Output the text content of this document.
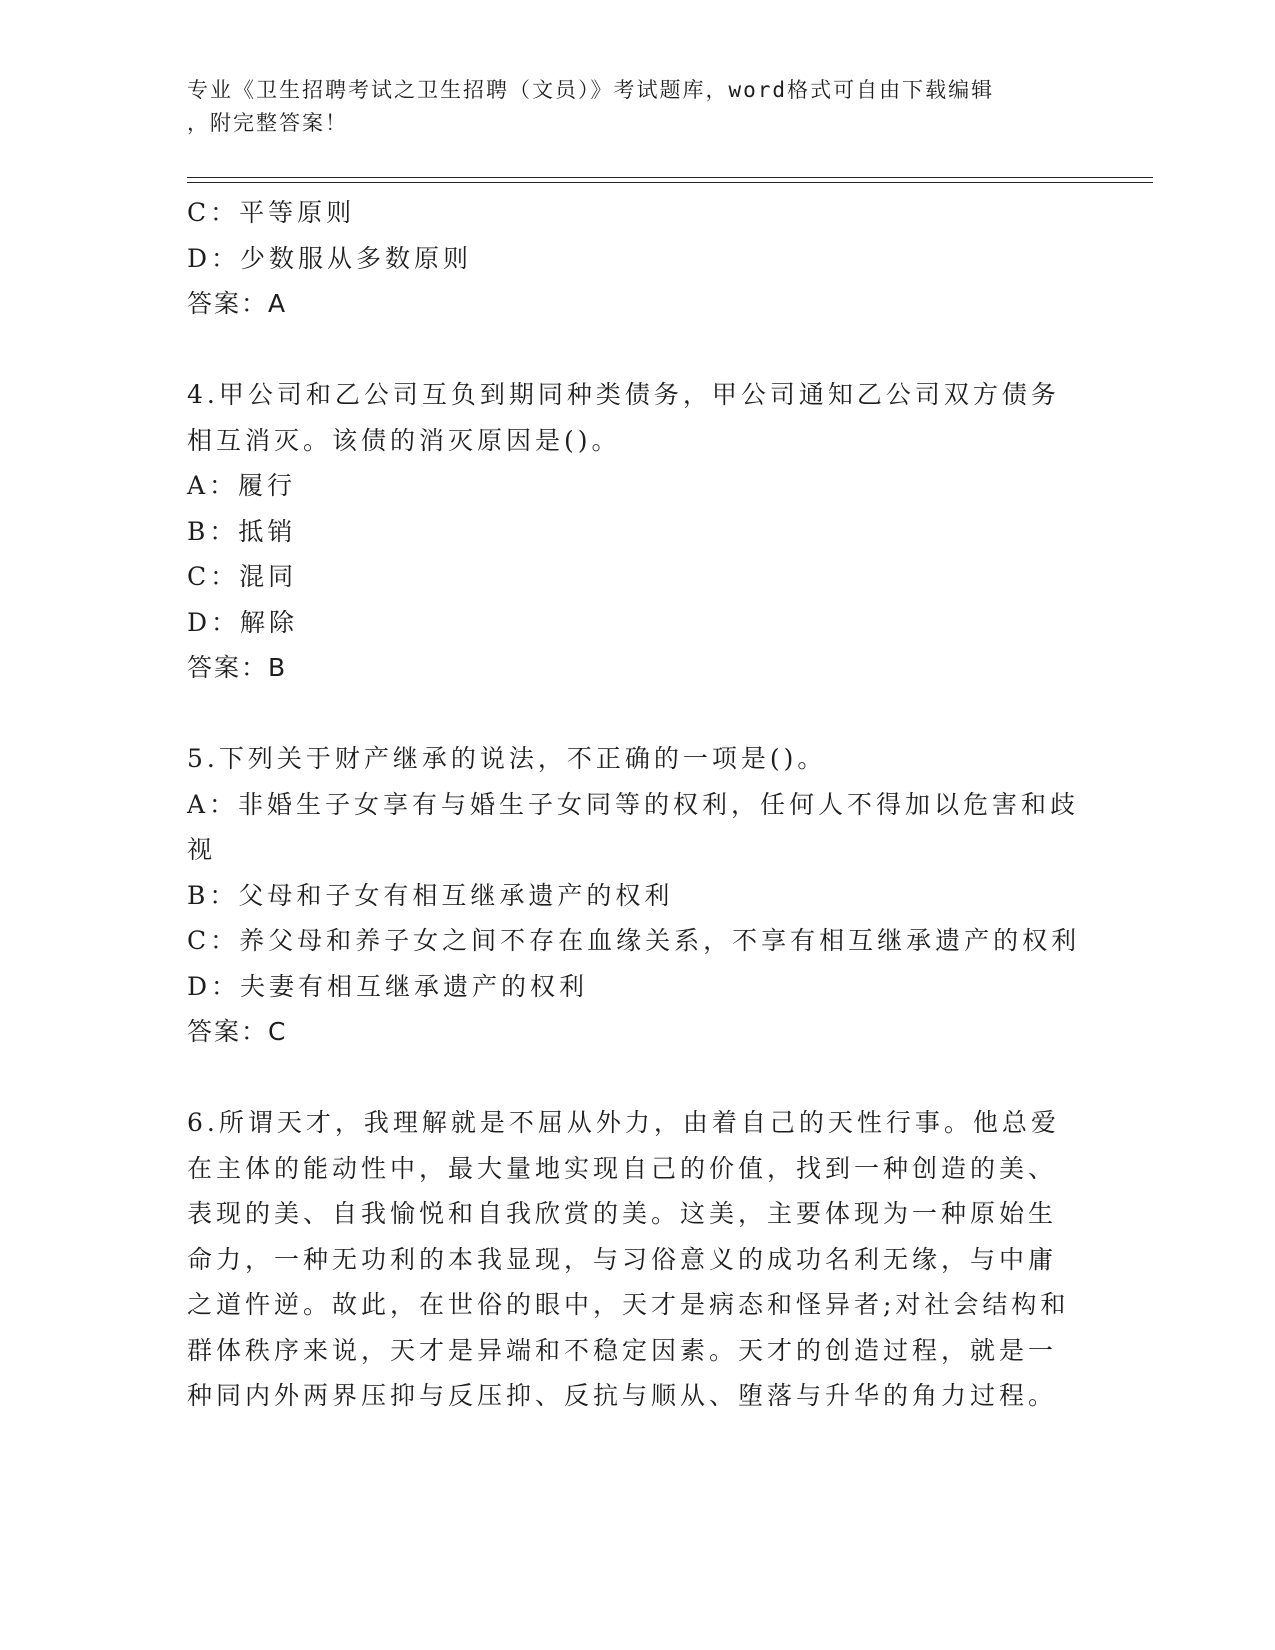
专业《卫生招聘考试之卫生招聘（文员）》考试题库，word格式可自由下载编辑
，附完整答案！
C：平等原则
D：少数服从多数原则
答案：A
4.甲公司和乙公司互负到期同种类债务，甲公司通知乙公司双方债务
相互消灭。该债的消灭原因是()。
A：履行
B：抵销
C：混同
D：解除
答案：B
5.下列关于财产继承的说法，不正确的一项是()。
A：非婚生子女享有与婚生子女同等的权利，任何人不得加以危害和歧
视
B：父母和子女有相互继承遗产的权利
C：养父母和养子女之间不存在血缘关系，不享有相互继承遗产的权利
D：夫妻有相互继承遗产的权利
答案：C
6.所谓天才，我理解就是不屈从外力，由着自己的天性行事。他总爱
在主体的能动性中，最大量地实现自己的价值，找到一种创造的美、
表现的美、自我愉悦和自我欣赏的美。这美，主要体现为一种原始生
命力，一种无功利的本我显现，与习俗意义的成功名利无缘，与中庸
之道忤逆。故此，在世俗的眼中，天才是病态和怪异者;对社会结构和
群体秩序来说，天才是异端和不稳定因素。天才的创造过程，就是一
种同内外两界压抑与反压抑、反抗与顺从、堕落与升华的角力过程。
